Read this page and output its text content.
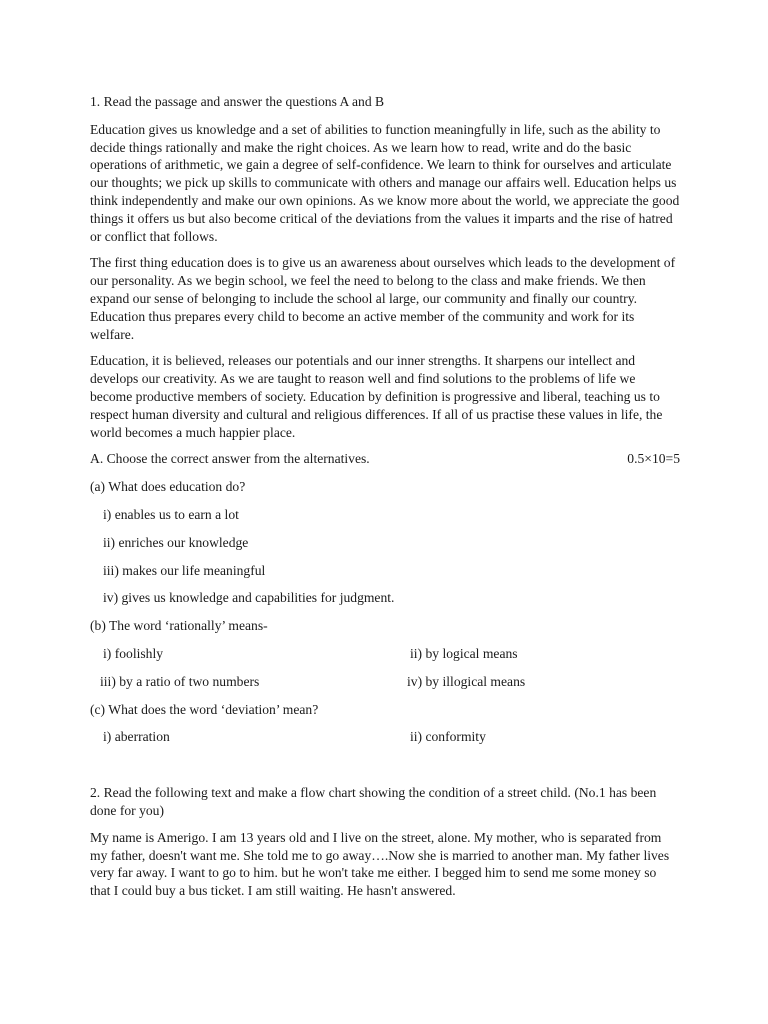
1. Read the passage and answer the questions A and B

Education gives us knowledge and a set of abilities to function meaningfully in life, such as the ability to decide things rationally and make the right choices. As we learn how to read, write and do the basic operations of arithmetic, we gain a degree of self-confidence. We learn to think for ourselves and articulate our thoughts; we pick up skills to communicate with others and manage our affairs well. Education helps us think independently and make our own opinions. As we know more about the world, we appreciate the good things it offers us but also become critical of the deviations from the values it imparts and the rise of hatred or conflict that follows.

The first thing education does is to give us an awareness about ourselves which leads to the development of our personality. As we begin school, we feel the need to belong to the class and make friends. We then expand our sense of belonging to include the school al large, our community and finally our country. Education thus prepares every child to become an active member of the community and work for its welfare.

Education, it is believed, releases our potentials and our inner strengths. It sharpens our intellect and develops our creativity. As we are taught to reason well and find solutions to the problems of life we become productive members of society. Education by definition is progressive and liberal, teaching us to respect human diversity and cultural and religious differences. If all of us practise these values in life, the world becomes a much happier place.

A. Choose the correct answer from the alternatives.	0.5×10=5

(a) What does education do?

i) enables us to earn a lot

ii) enriches our knowledge

iii) makes our life meaningful

iv) gives us knowledge and capabilities for judgment.

(b) The word ‘rationally’ means-

i) foolishly	ii) by logical means
iii) by a ratio of two numbers	iv) by illogical means

(c) What does the word ‘deviation’ mean?

i) aberration	ii) conformity

2. Read the following text and make a flow chart showing the condition of a street child. (No.1 has been done for you)

My name is Amerigo. I am 13 years old and I live on the street, alone. My mother, who is separated from my father, doesn't want me. She told me to go away….Now she is married to another man. My father lives very far away. I want to go to him. but he won't take me either. I begged him to send me some money so that I could buy a bus ticket. I am still waiting. He hasn't answered.
